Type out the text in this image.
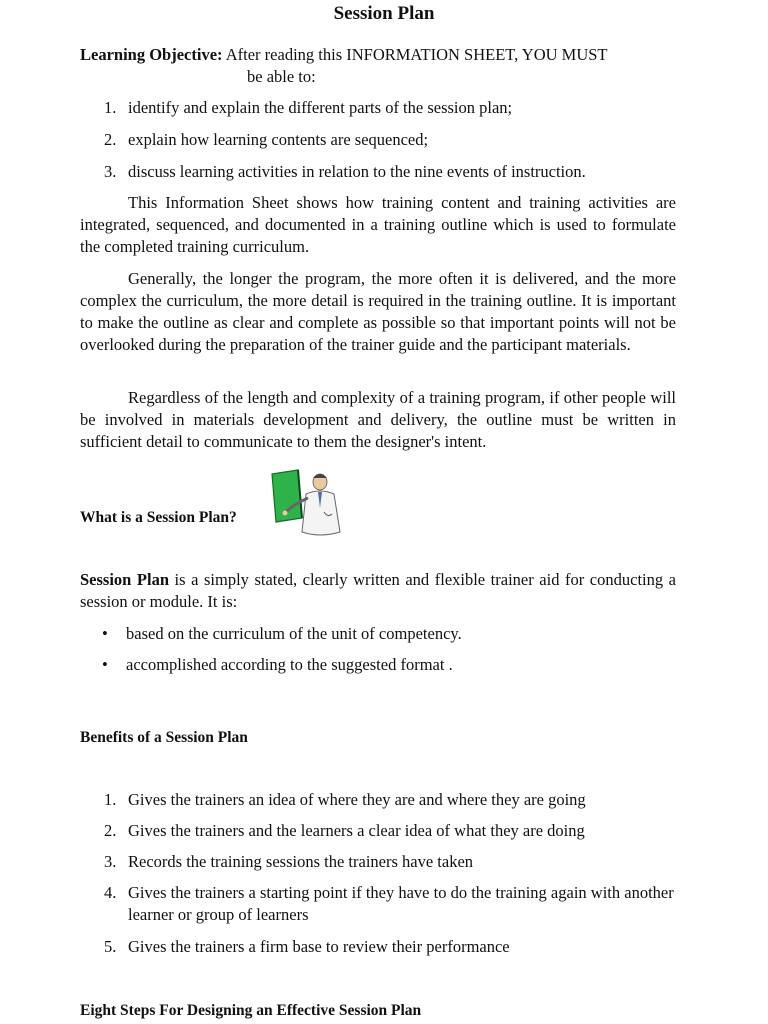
Session Plan
Learning Objective: After reading this INFORMATION SHEET, YOU MUST
be able to:
1. identify and explain the different parts of the session plan;
2. explain how learning contents are sequenced;
3. discuss learning activities in relation to the nine events of instruction.

This Information Sheet shows how training content and training activities are integrated, sequenced, and documented in a training outline which is used to formulate the completed training curriculum.

Generally, the longer the program, the more often it is delivered, and the more complex the curriculum, the more detail is required in the training outline. It is important to make the outline as clear and complete as possible so that important points will not be overlooked during the preparation of the trainer guide and the participant materials.

Regardless of the length and complexity of a training program, if other people will be involved in materials development and delivery, the outline must be written in sufficient detail to communicate to them the designer's intent.

What is a Session Plan?
Session Plan is a simply stated, clearly written and flexible trainer aid for conducting a session or module. It is:
• based on the curriculum of the unit of competency.
• accomplished according to the suggested format .
Benefits of a Session Plan
1. Gives the trainers an idea of where they are and where they are going
2. Gives the trainers and the learners a clear idea of what they are doing
3. Records the training sessions the trainers have taken
4. Gives the trainers a starting point if they have to do the training again with another learner or group of learners
5. Gives the trainers a firm base to review their performance
Eight Steps For Designing an Effective Session Plan
